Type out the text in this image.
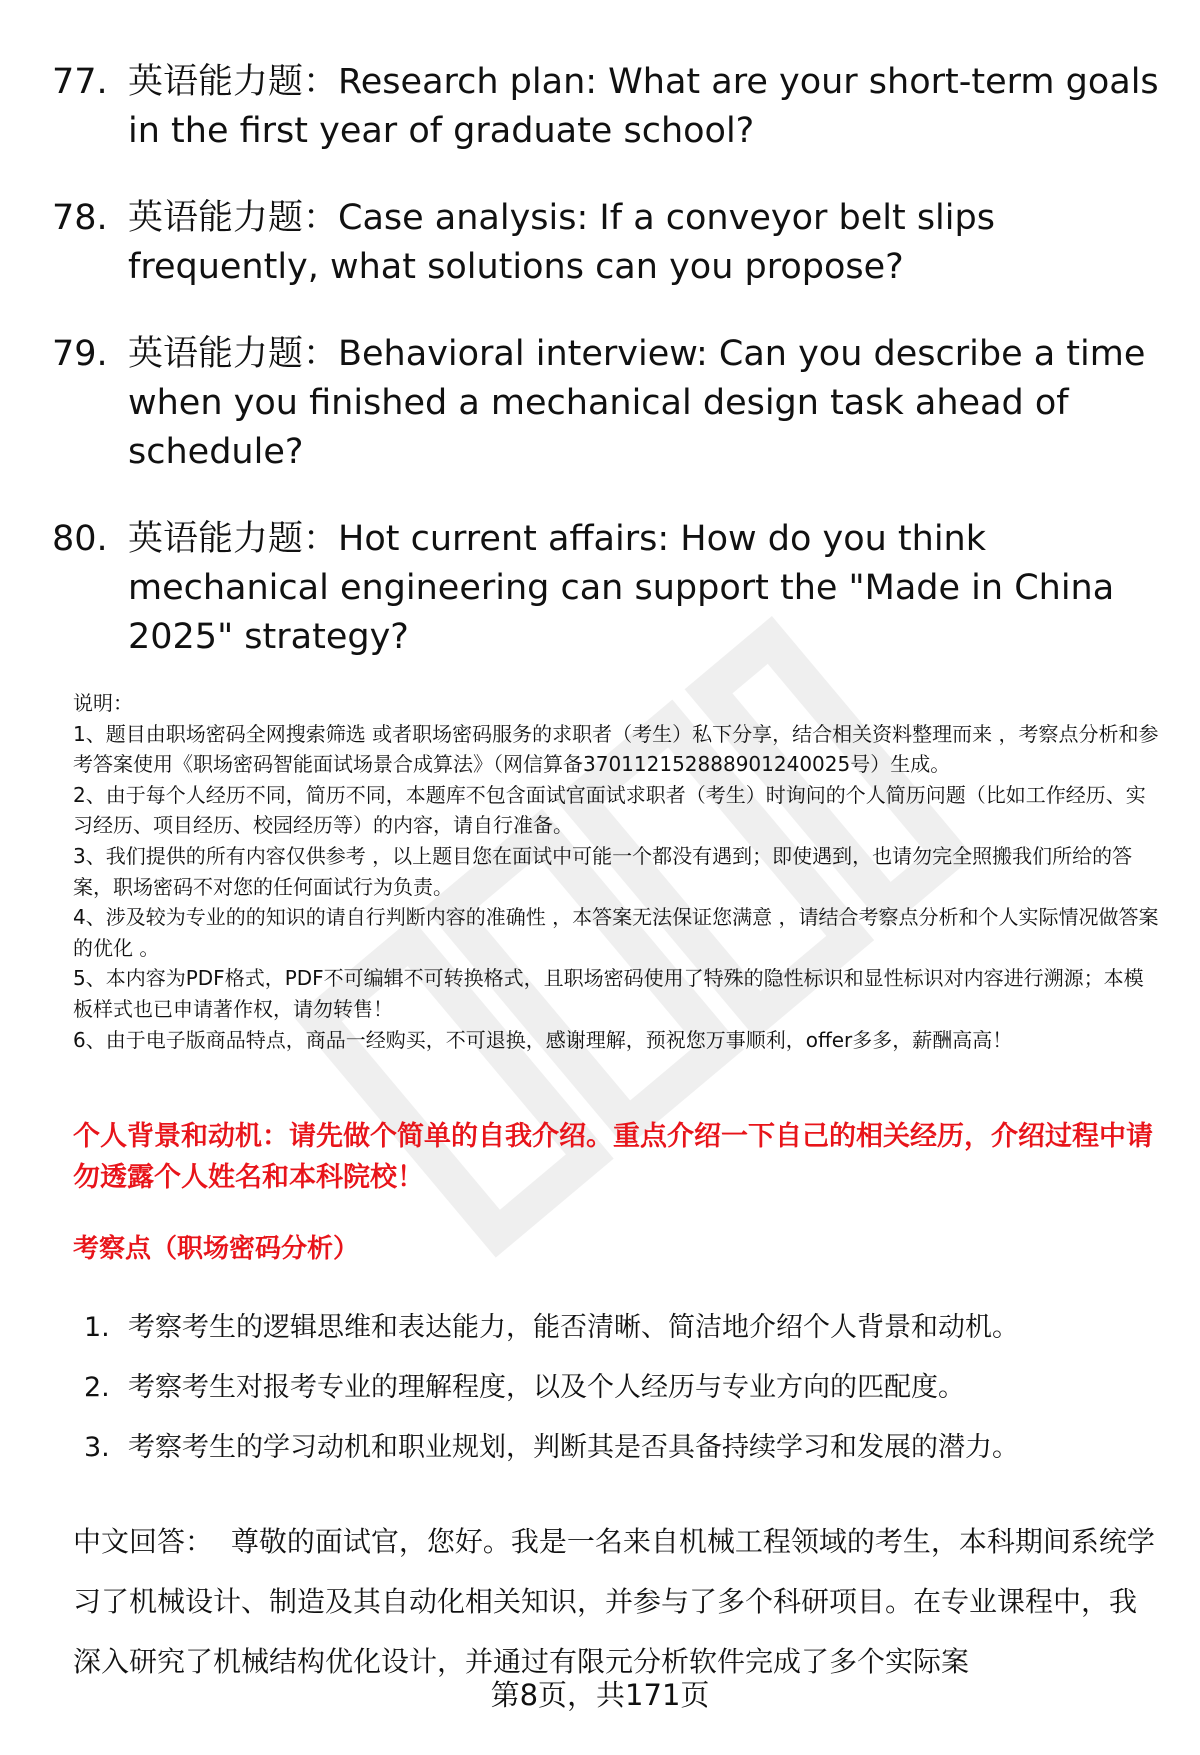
77. 英语能力题：Research plan: What are your short-term goals in the first year of graduate school?
78. 英语能力题：Case analysis: If a conveyor belt slips frequently, what solutions can you propose?
79. 英语能力题：Behavioral interview: Can you describe a time when you finished a mechanical design task ahead of schedule?
80. 英语能力题：Hot current affairs: How do you think mechanical engineering can support the "Made in China 2025" strategy?

说明：

1、题目由职场密码全网搜索筛选 或者职场密码服务的求职者（考生）私下分享，结合相关资料整理而来 ，考察点分析和参考答案使用《职场密码智能面试场景合成算法》（网信算备370112152888901240025号）生成。

2、由于每个人经历不同，简历不同，本题库不包含面试官面试求职者（考生）时询问的个人简历问题（比如工作经历、实习经历、项目经历、校园经历等）的内容，请自行准备。

3、我们提供的所有内容仅供参考 ，以上题目您在面试中可能一个都没有遇到；即使遇到，也请勿完全照搬我们所给的答案，职场密码不对您的任何面试行为负责。

4、涉及较为专业的的知识的请自行判断内容的准确性 ，本答案无法保证您满意 ，请结合考察点分析和个人实际情况做答案的优化 。

5、本内容为PDF格式，PDF不可编辑不可转换格式，且职场密码使用了特殊的隐性标识和显性标识对内容进行溯源；本模板样式也已申请著作权，请勿转售！

6、由于电子版商品特点，商品一经购买，不可退换，感谢理解，预祝您万事顺利，offer多多，薪酬高高！

个人背景和动机：请先做个简单的自我介绍。重点介绍一下自己的相关经历，介绍过程中请勿透露个人姓名和本科院校！
考察点（职场密码分析）
1. 考察考生的逻辑思维和表达能力，能否清晰、简洁地介绍个人背景和动机。
2. 考察考生对报考专业的理解程度，以及个人经历与专业方向的匹配度。
3. 考察考生的学习动机和职业规划，判断其是否具备持续学习和发展的潜力。

中文回答： 尊敬的面试官，您好。我是一名来自机械工程领域的考生，本科期间系统学习了机械设计、制造及其自动化相关知识，并参与了多个科研项目。在专业课程中，我深入研究了机械结构优化设计，并通过有限元分析软件完成了多个实际案

第8页，共171页
